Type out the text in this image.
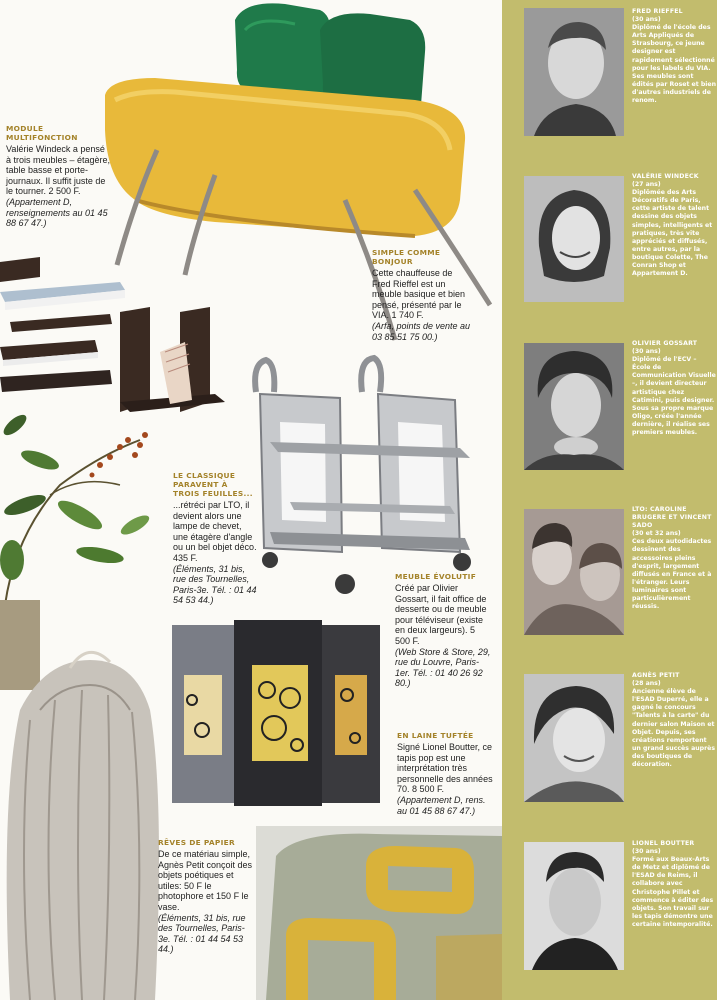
MODULE MULTIFONCTION
Valérie Windeck a pensé à trois meubles – étagère, table basse et porte-journaux. Il suffit juste de le tourner. 2 500 F.
(Appartement D, renseignements au 01 45 88 67 47.)
LE CLASSIQUE PARAVENT À TROIS FEUILLES...
...rétréci par LTO, il devient alors une lampe de chevet, une étagère d'angle ou un bel objet déco. 435 F.
(Éléments, 31 bis, rue des Tournelles, Paris-3e. Tél. : 01 44 54 53 44.)
SIMPLE COMME BONJOUR
Cette chauffeuse de Fred Rieffel est un meuble basique et bien pensé, présenté par le VIA. 1 740 F.
(Arfa, points de vente au 03 85 51 75 00.)
MEUBLE ÉVOLUTIF
Créé par Olivier Gossart, il fait office de desserte ou de meuble pour téléviseur (existe en deux largeurs). 5 500 F.
(Web Store & Store, 29, rue du Louvre, Paris-1er. Tél. : 01 40 26 92 80.)
EN LAINE TUFTÉE
Signé Lionel Boutter, ce tapis pop est une interprétation très personnelle des années 70. 8 500 F.
(Appartement D, rens. au 01 45 88 67 47.)
RÊVES DE PAPIER
De ce matériau simple, Agnès Petit conçoit des objets poétiques et utiles: 50 F le photophore et 150 F le vase.
(Éléments, 31 bis, rue des Tournelles, Paris-3e. Tél. : 01 44 54 53 44.)
FRED RIEFFEL
(30 ans)
Diplômé de l'école des Arts Appliqués de Strasbourg, ce jeune designer est rapidement sélectionné pour les labels du VIA. Ses meubles sont édités par Roset et bien d'autres industriels de renom.
VALÉRIE WINDECK
(27 ans)
Diplômée des Arts Décoratifs de Paris, cette artiste de talent dessine des objets simples, intelligents et pratiques, très vite appréciés et diffusés, entre autres, par la boutique Colette, The Conran Shop et Appartement D.
OLIVIER GOSSART
(30 ans)
Diplômé de l'ECV – École de Communication Visuelle –, il devient directeur artistique chez Catimini, puis designer. Sous sa propre marque Oligo, créée l'année dernière, il réalise ses premiers meubles.
LTO: CAROLINE BRUGERE ET VINCENT SADO
(30 et 32 ans)
Ces deux autodidactes dessinent des accessoires pleins d'esprit, largement diffusés en France et à l'étranger. Leurs luminaires sont particulièrement réussis.
AGNÈS PETIT
(28 ans)
Ancienne élève de l'ESAD Duperré, elle a gagné le concours "Talents à la carte" du dernier salon Maison et Objet. Depuis, ses créations remportent un grand succès auprès des boutiques de décoration.
LIONEL BOUTTER
(30 ans)
Formé aux Beaux-Arts de Metz et diplômé de l'ESAD de Reims, il collabore avec Christophe Pillet et commence à éditer des objets. Son travail sur les tapis démontre une certaine intemporalité.
